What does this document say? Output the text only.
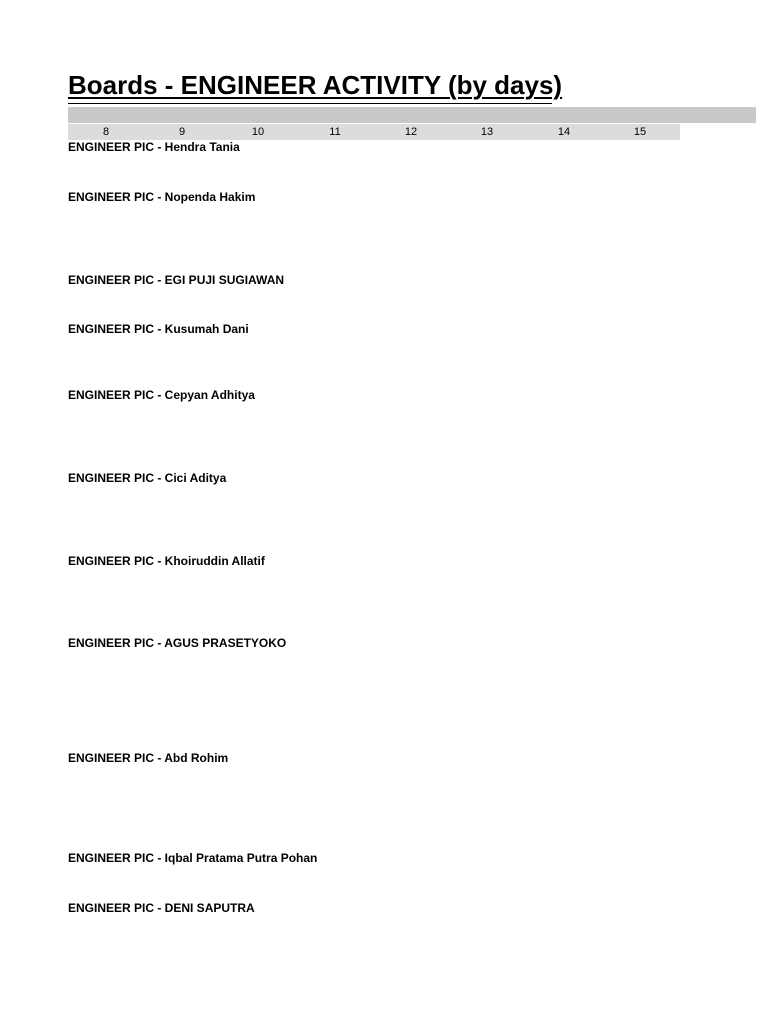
Boards - ENGINEER ACTIVITY (by days)
8	9	10	11	12	13	14	15
ENGINEER PIC - Hendra Tania
ENGINEER PIC - Nopenda Hakim
ENGINEER PIC - EGI PUJI SUGIAWAN
ENGINEER PIC - Kusumah Dani
ENGINEER PIC - Cepyan Adhitya
ENGINEER PIC - Cici Aditya
ENGINEER PIC - Khoiruddin Allatif
ENGINEER PIC - AGUS PRASETYOKO
ENGINEER PIC - Abd Rohim
ENGINEER PIC - Iqbal Pratama Putra Pohan
ENGINEER PIC - DENI SAPUTRA
